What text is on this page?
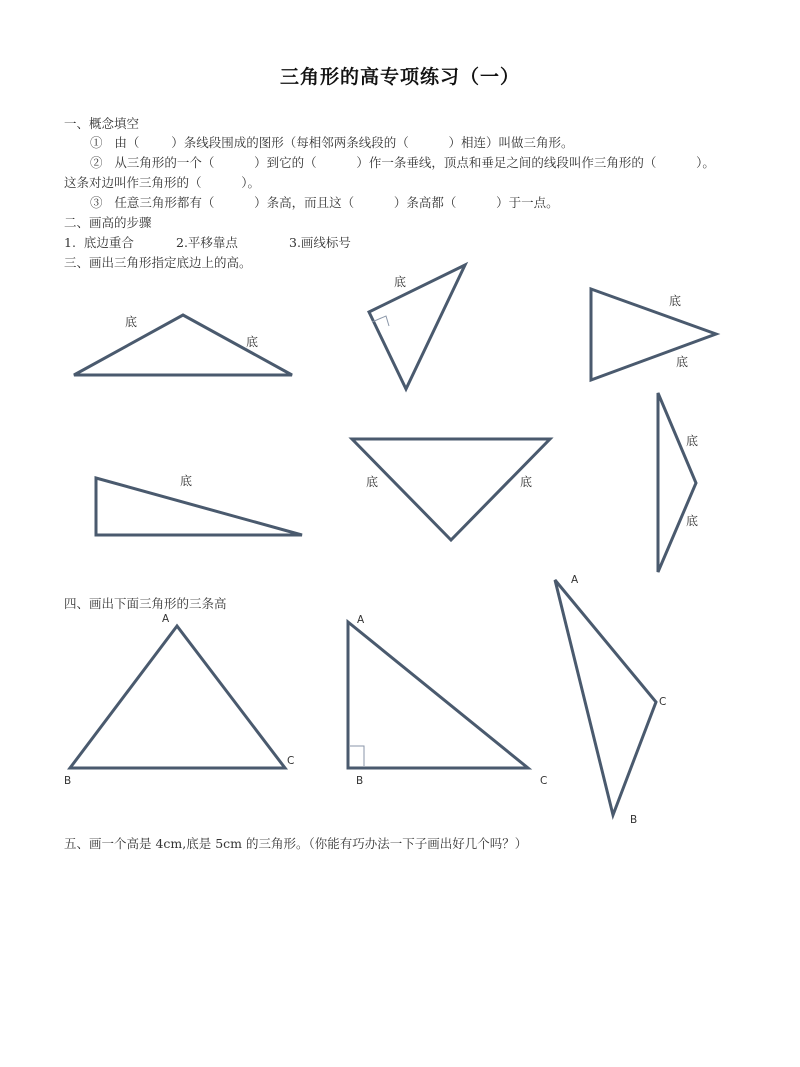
三角形的高专项练习（一）
一、概念填空
①   由（        ）条线段围成的图形（每相邻两条线段的（          ）相连）叫做三角形。
②   从三角形的一个（          ）到它的（          ）作一条垂线，顶点和垂足之间的线段叫作三角形的（          ）。
这条对边叫作三角形的（          ）。
③   任意三角形都有（          ）条高，而且这（          ）条高都（          ）于一点。
二、画高的步骤
1.  底边重合	2.平移靠点	3.画线标号
三、画出三角形指定底边上的高。
底
底
底
底
底
底	底	底
底
底
四、画出下面三角形的三条高
A
B
C
A
B	C
A
B
C
五、画一个高是 4cm,底是 5cm 的三角形。（你能有巧办法一下子画出好几个吗？）
